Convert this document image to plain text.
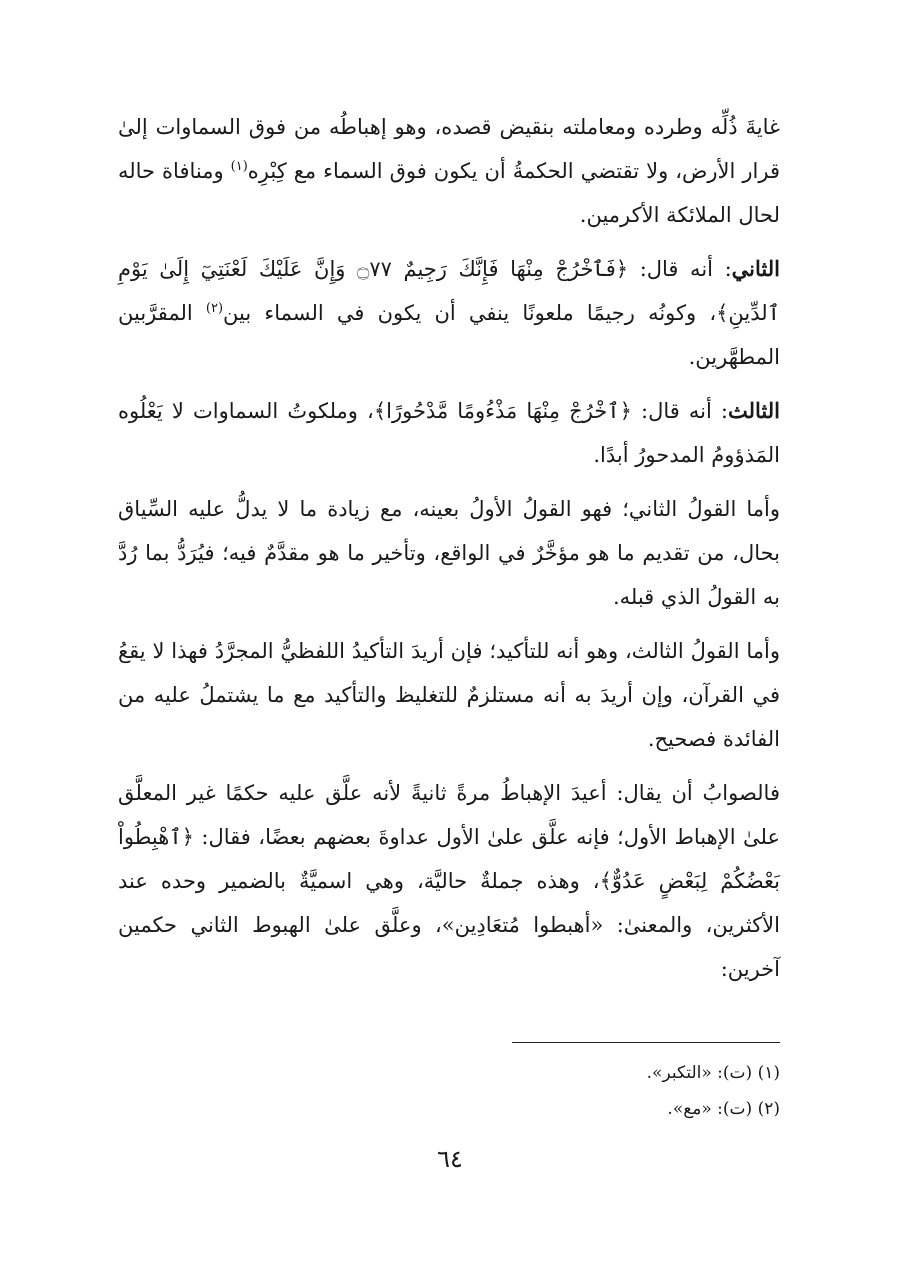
غايةَ ذُلِّه وطرده ومعاملته بنقيض قصده، وهو إهباطُه من فوق السماوات إلىٰ قرار الأرض، ولا تقتضي الحكمةُ أن يكون فوق السماء مع كِبْرِه$^{(١)}$ ومنافاة حاله لحال الملائكة الأكرمين.

الثاني: أنه قال: ﴿فَٱخْرُجْ مِنْهَا فَإِنَّكَ رَجِيمٌ ۝٧٧ وَإِنَّ عَلَيْكَ لَعْنَتِيٓ إِلَىٰ يَوْمِ ٱلدِّينِ﴾، وكونُه رجيمًا ملعونًا ينفي أن يكون في السماء بين$^{(٢)}$ المقرَّبين المطهَّرين.

الثالث: أنه قال: ﴿ٱخْرُجْ مِنْهَا مَذْءُومًا مَّدْحُورًا﴾، وملكوتُ السماوات لا يَعْلُوه المَذؤومُ المدحورُ أبدًا.

وأما القولُ الثاني؛ فهو القولُ الأولُ بعينه، مع زيادة ما لا يدلُّ عليه السِّياق بحال، من تقديم ما هو مؤخَّرٌ في الواقع، وتأخير ما هو مقدَّمٌ فيه؛ فيُرَدُّ بما رُدَّ به القولُ الذي قبله.

وأما القولُ الثالث، وهو أنه للتأكيد؛ فإن أريدَ التأكيدُ اللفظيُّ المجرَّدُ فهذا لا يقعُ في القرآن، وإن أريدَ به أنه مستلزمٌ للتغليظ والتأكيد مع ما يشتملُ عليه من الفائدة فصحيح.

فالصوابُ أن يقال: أعيدَ الإهباطُ مرةً ثانيةً لأنه علَّق عليه حكمًا غير المعلَّق علىٰ الإهباط الأول؛ فإنه علَّق علىٰ الأول عداوةَ بعضهم بعضًا، فقال: ﴿ٱهْبِطُواْ بَعْضُكُمْ لِبَعْضٍ عَدُوٌّ﴾، وهذه جملةٌ حاليَّة، وهي اسميَّةٌ بالضمير وحده عند الأكثرين، والمعنىٰ: «أهبطوا مُتعَادِين»، وعلَّق علىٰ الهبوط الثاني حكمين آخرين:

(١) (ت): «التكبر».

(٢) (ت): «مع».

٦٤
